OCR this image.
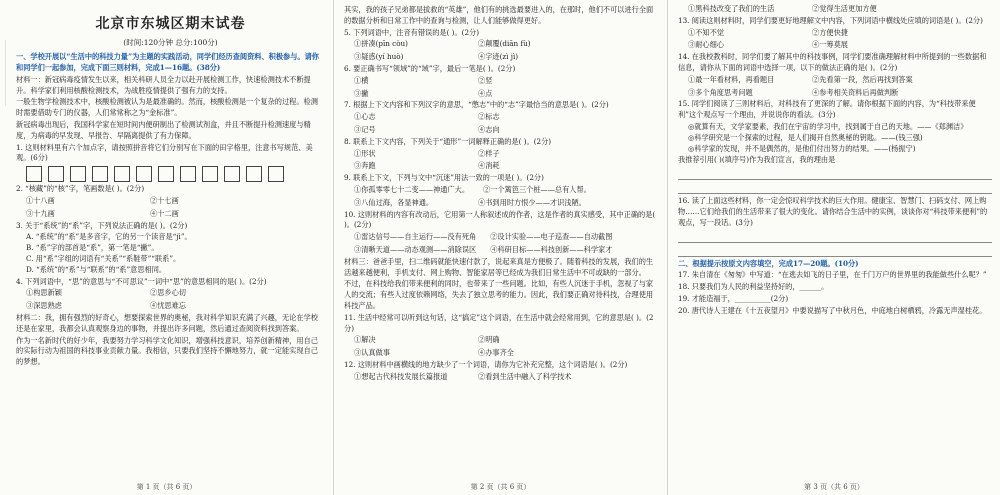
……………………………
北京市东城区期末试卷
(时间:120分钟 总分:100分)
一、学校开展以“生活中的科技力量”为主题的实践活动，同学们经历查阅资料、积极参与。请你和同学们一起参加，完成下面三则材料，完成1—16题。(38分)
材料一：新冠病毒疫情发生以来，相关科研人员全力以赴开展检测工作，快速检测技术不断提升。科学家们利用核酸检测技术，为战胜疫情提供了强有力的支持。
一般生物学检测技术中，核酸检测被认为是最准确的。然而，核酸检测是一个复杂的过程。检测时需要借助专门的仪器，人们常常称之为“金标准”。
新冠病毒出现后，我国科学家在短时间内便研制出了检测试剂盒，并且不断提升检测速度与精度，为病毒的早发现、早报告、早隔离提供了有力保障。
1. 这则材料里有六个加点字，请按照拼音将它们分别写在下面的田字格里，注意书写规范、美观。(6分)
2. “核藏”的“核”字，笔画数是( )。(2分)
①十八画	②十七画
③十九画	④十二画
3. 关于“系统”的“系”字，下列说法正确的是( )。(2分)
A. “系统”的“系”是多音字，它的另一个读音是“jì”。
B. “系”字的部首是“系”，第一笔是“撇”。
C. 用“系”字组的词语有“关系”“系鞋带”“联系”。
D. “系统”的“系”与“联系”的“系”意思相同。
4. 下列词语中，“思”的意思与“不可思议”一词中“思”的意思相同的是( )。(2分)
①构思新颖	②思乡心切
③深思熟虑	④忧思难忘
材料二：我，拥有强烈的好奇心，想要探索世界的奥秘，我对科学知识充满了兴趣，无论在学校还是在家里，我都会认真观察身边的事物，并提出许多问题，然后通过查阅资料找到答案。
作为一名新时代的好少年，我要努力学习科学文化知识，增强科技意识，培养创新精神，用自己的实际行动为祖国的科技事业贡献力量。我相信，只要我们坚持不懈地努力，就一定能实现自己的梦想。
第 1 页（共 6 页）
其实，我的孩子兄弟都是拔救的“英雄”，他们有的挑选最要进入的，在那时，他们不可以进行全面的数据分析和日常工作中的查询与检测，让人们能够做得更好。
5. 下列词语中，注音有错误的是( )。(2分)
①拼凑(pīn còu)	②颠覆(diān fù)
③疑惑(yí huò)	④字迹(zì jì)
6. 要正确书写“领域”的“域”字，最后一笔是( )。(2分)
①横	②竖
③撇	④点
7. 根据上下文内容和下列汉字的意思，“憋志”中的“志”字最恰当的意思是( )。(2分)
①心志	②标志
③记号	④志向
8. 联系上下文内容，下列关于“通形”一词解释正确的是( )。(2分)
①形状	②样子
③奔跑	④消耗
9. 联系上下文，下列与文中“沉迷”用法一致的一项是( )。(2分)
①你孤零零七十二变——神通广大。 ②一个篱笆三个桩——总有人帮。
③八仙过海，各显神通。	④书到用时方恨少——才识浅陋。
10. 这则材料的内容有改动后，它用第一人称叙述成的作者，这是作者的真实感受，其中正确的是( )。(2分)
①雷达信号——自主运行——没有死角 ②设计实验——电子巡查——自动截图
③清晰天道——动态观测——消除误区 ④科研目标——科技创新——科学家才
材料三：爸爸手里，扫二维码就能快速付款了，说起来真是方便极了。随着科技的发展，我们的生活越来越便利，手机支付、网上购物、智能家居等已经成为我们日常生活中不可或缺的一部分。
不过，在科技给我们带来便利的同时，也带来了一些问题。比如，有些人沉迷于手机，忽视了与家人的交流；有些人过度依赖网络，失去了独立思考的能力。因此，我们要正确对待科技，合理使用科技产品。
11. 生活中经常可以听到这句话，这“搞定”这个词语，在生活中就会经常用到，它的意思是( )。(2分)
①解决	②明确
③认真做事	④办事齐全
12. 这则材料中画横线的地方缺少了一个词语，请你为它补充完整，这个词语是( )。(2分)
①想起古代科技发展长篇报道	②看到生活中融入了科学技术
第 2 页（共 6 页）
①黑科技改变了我们的生活	②觉得生活更加方便
13. 阅读这则材料时，同学们要更好地理解文中内容，下列词语中横线处应填的词语是( )。(2分)
①不知不觉	②方便快捷
③耐心细心	④一筹莫展
14. 在我校教科时，同学们要了解其中的科技事例，同学们要准确理解材料中所提到的一些数据和信息，请你从下面的词语中选择一项，以下的做法正确的是( )。(2分)
①最一年看材料，再看题目	②先看第一段，然后再找到答案
③多个角度思考问题	④参考相关资料后再做判断
15. 同学们阅读了三则材料后，对科技有了更深的了解。请你根据下面的内容，为“科技带来便利”这个观点写一个理由，并说说你的看法。(3分)
◎就算有天，文学家要素，我们在宇宙的学习中，找到属于自己的天地。——《郑渊洁》
◎科学研究是一个探索的过程，是人们揭开自然奥秘的钥匙。——(钱三强)
◎科学家的发现，并不是偶然的，是他们付出努力的结果。——(杨振宁)
我推荐引用( )(填序号)作为我们宣言，我的理由是
16. 读了上面这些材料，你一定会惊叹科学技术的巨大作用。健康宝、智慧门、扫码支付、网上购物……它们给我们的生活带来了很大的变化。请你结合生活中的实例，谈谈你对“科技带来便利”的观点，写一段话。(3分)
二、根据提示按原文内容填空，完成17—20题。(10分)
17. 朱自清在《匆匆》中写道：“在逃去如飞的日子里，在千门万户的世界里的我能做些什么呢？”
18. 只要我们为人民的利益坚持好的，______。
19. 才能造福于，__________(2分)
20. 唐代诗人王建在《十五夜望月》中要说描写了中秋月色，中庭地白树栖鸦，冷露无声湿桂花。
第 3 页（共 6 页）
